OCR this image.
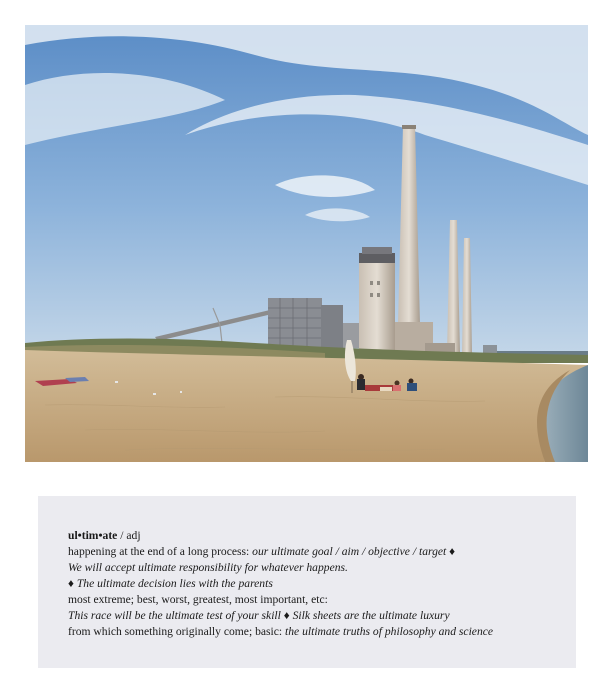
ul•tim•ate / adj
happening at the end of a long process: our ultimate goal / aim / objective / target ♦
We will accept ultimate responsibility for whatever happens.
♦ The ultimate decision lies with the parents
most extreme; best, worst, greatest, most important, etc:
This race will be the ultimate test of your skill ♦ Silk sheets are the ultimate luxury
from which something originally come; basic: the ultimate truths of philosophy and science
